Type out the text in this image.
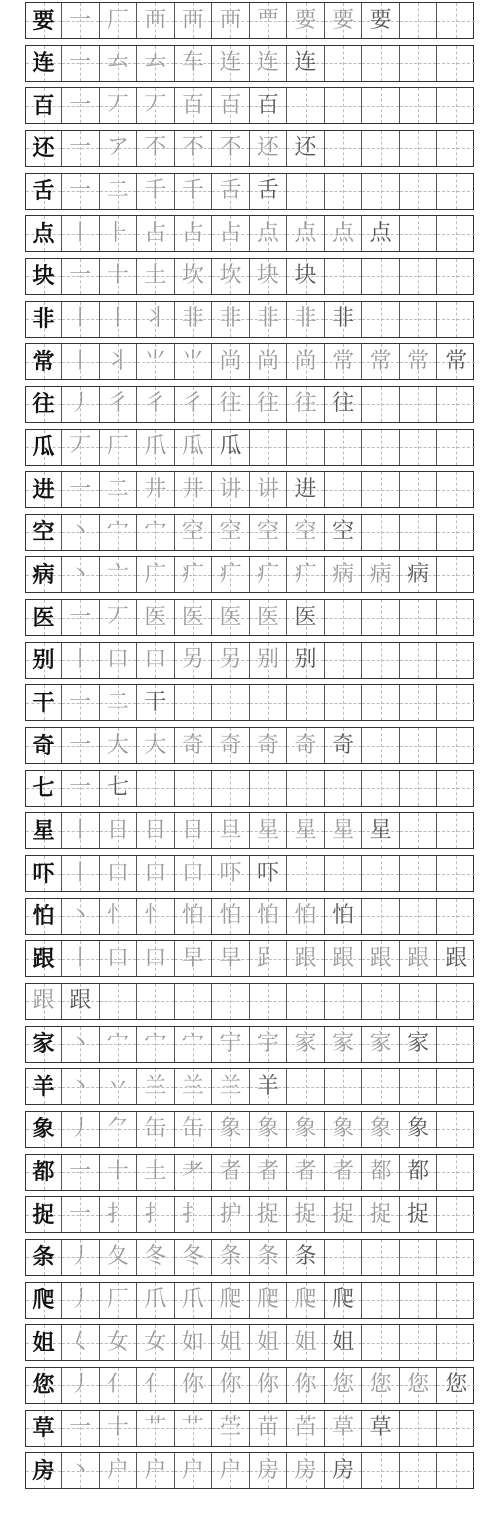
要 一 厂 襾 襾 襾 覀 要 要 要
连 一 𠫓 𠫓 车 连 连 连
百 一 丆 丆 百 百 百
还 一 ア 不 不 不 还 还
舌 一 二 千 千 舌 舌
点 丨 ⺊ 占 占 占 点 点 点 点
块 一 十 土 坎 坎 块 块
非 丨 丨 丬 非 非 非 非 非
常 丨 丬 ⺌ ⺌ 尚 尚 尚 常 常 常 常
往 丿 彳 彳 彳 往 往 往 往
瓜 丆 厂 爪 瓜 瓜
进 一 二 井 井 讲 讲 进
空 丶 宀 宀 空 空 空 空 空
病 丶 亠 广 疒 疒 疒 疒 病 病 病
医 一 丆 医 医 医 医 医
别 丨 口 口 另 另 别 别
干 一 二 干
奇 一 大 大 奇 奇 奇 奇 奇
七 一 七
星 丨 日 日 日 旦 星 星 星 星
吓 丨 口 口 口 吓 吓
怕 丶 忄 忄 怕 怕 怕 怕 怕
跟 丨 口 口 早 早 𧾷 跟 跟 跟 跟 跟
跟 跟
家 丶 宀 宀 宀 宁 宇 家 家 家 家
羊 丶 丷 兰 兰 兰 羊
象 丿 ⺈ 缶 缶 象 象 象 象 象 象
都 一 十 土 耂 者 者 者 者 都 都
捉 一 扌 扌 扌 护 捉 捉 捉 捉 捉
条 丿 夂 冬 冬 条 条 条
爬 丿 厂 爪 爪 爬 爬 爬 爬
姐 𡿨 女 女 如 姐 姐 姐 姐
您 丿 亻 亻 你 你 你 你 您 您 您 您
草 一 十 艹 艹 苎 苗 苩 草 草
房 丶 户 户 户 户 房 房 房
